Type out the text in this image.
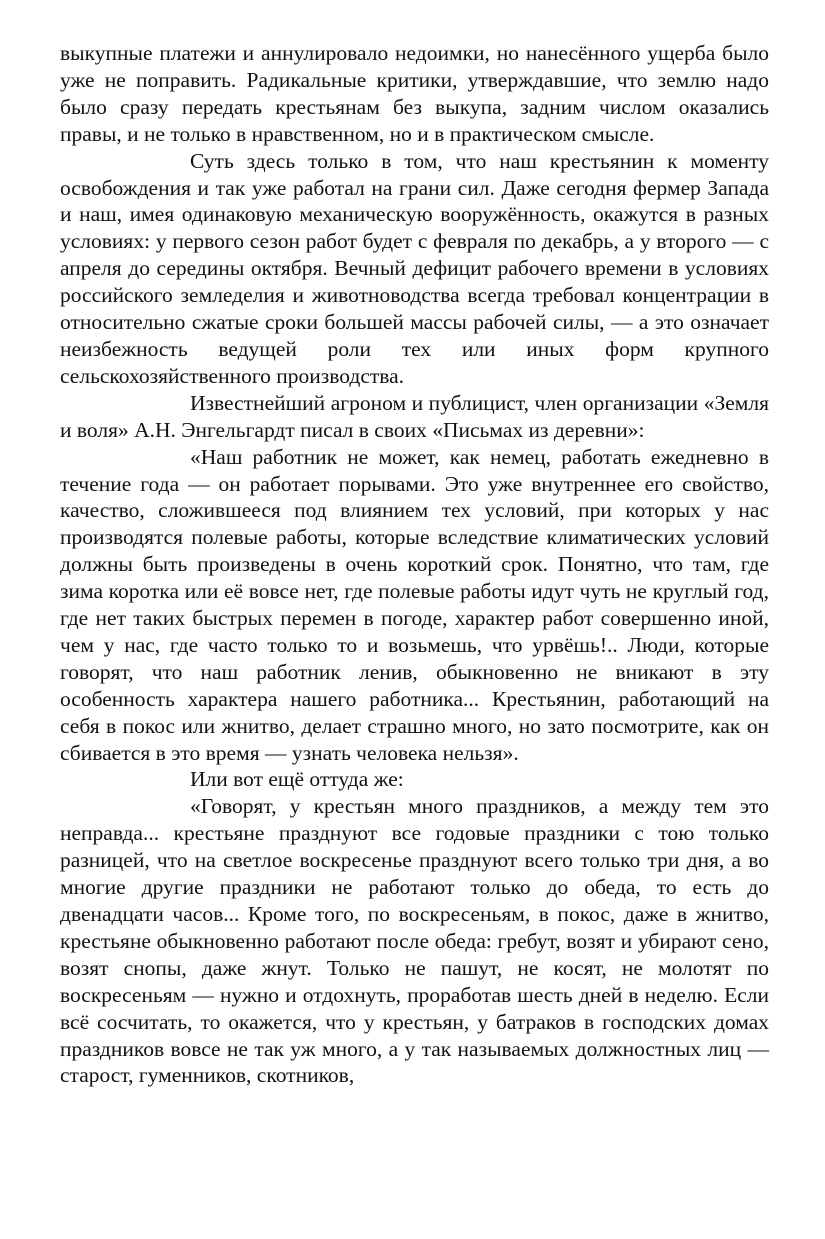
выкупные платежи и аннулировало недоимки, но нанесённого ущерба было уже не поправить. Радикальные критики, утверждавшие, что землю надо было сразу передать крестьянам без выкупа, задним числом оказались правы, и не только в нравственном, но и в практическом смысле.

Суть здесь только в том, что наш крестьянин к моменту освобождения и так уже работал на грани сил. Даже сегодня фермер Запада и наш, имея одинаковую механическую вооружённость, окажутся в разных условиях: у первого сезон работ будет с февраля по декабрь, а у второго — с апреля до середины октября. Вечный дефицит рабочего времени в условиях российского земледелия и животноводства всегда требовал концентрации в относительно сжатые сроки большей массы рабочей силы, — а это означает неизбежность ведущей роли тех или иных форм крупного сельскохозяйственного производства.

Известнейший агроном и публицист, член организации «Земля и воля» А.Н. Энгельгардт писал в своих «Письмах из деревни»:

«Наш работник не может, как немец, работать ежедневно в течение года — он работает порывами. Это уже внутреннее его свойство, качество, сложившееся под влиянием тех условий, при которых у нас производятся полевые работы, которые вследствие климатических условий должны быть произведены в очень короткий срок. Понятно, что там, где зима коротка или её вовсе нет, где полевые работы идут чуть не круглый год, где нет таких быстрых перемен в погоде, характер работ совершенно иной, чем у нас, где часто только то и возьмешь, что урвёшь!.. Люди, которые говорят, что наш работник ленив, обыкновенно не вникают в эту особенность характера нашего работника... Крестьянин, работающий на себя в покос или жнитво, делает страшно много, но зато посмотрите, как он сбивается в это время — узнать человека нельзя».

Или вот ещё оттуда же:

«Говорят, у крестьян много праздников, а между тем это неправда... крестьяне празднуют все годовые праздники с тою только разницей, что на светлое воскресенье празднуют всего только три дня, а во многие другие праздники не работают только до обеда, то есть до двенадцати часов... Кроме того, по воскресеньям, в покос, даже в жнитво, крестьяне обыкновенно работают после обеда: гребут, возят и убирают сено, возят снопы, даже жнут. Только не пашут, не косят, не молотят по воскресеньям — нужно и отдохнуть, проработав шесть дней в неделю. Если всё сосчитать, то окажется, что у крестьян, у батраков в господских домах праздников вовсе не так уж много, а у так называемых должностных лиц — старост, гуменников, скотников,
